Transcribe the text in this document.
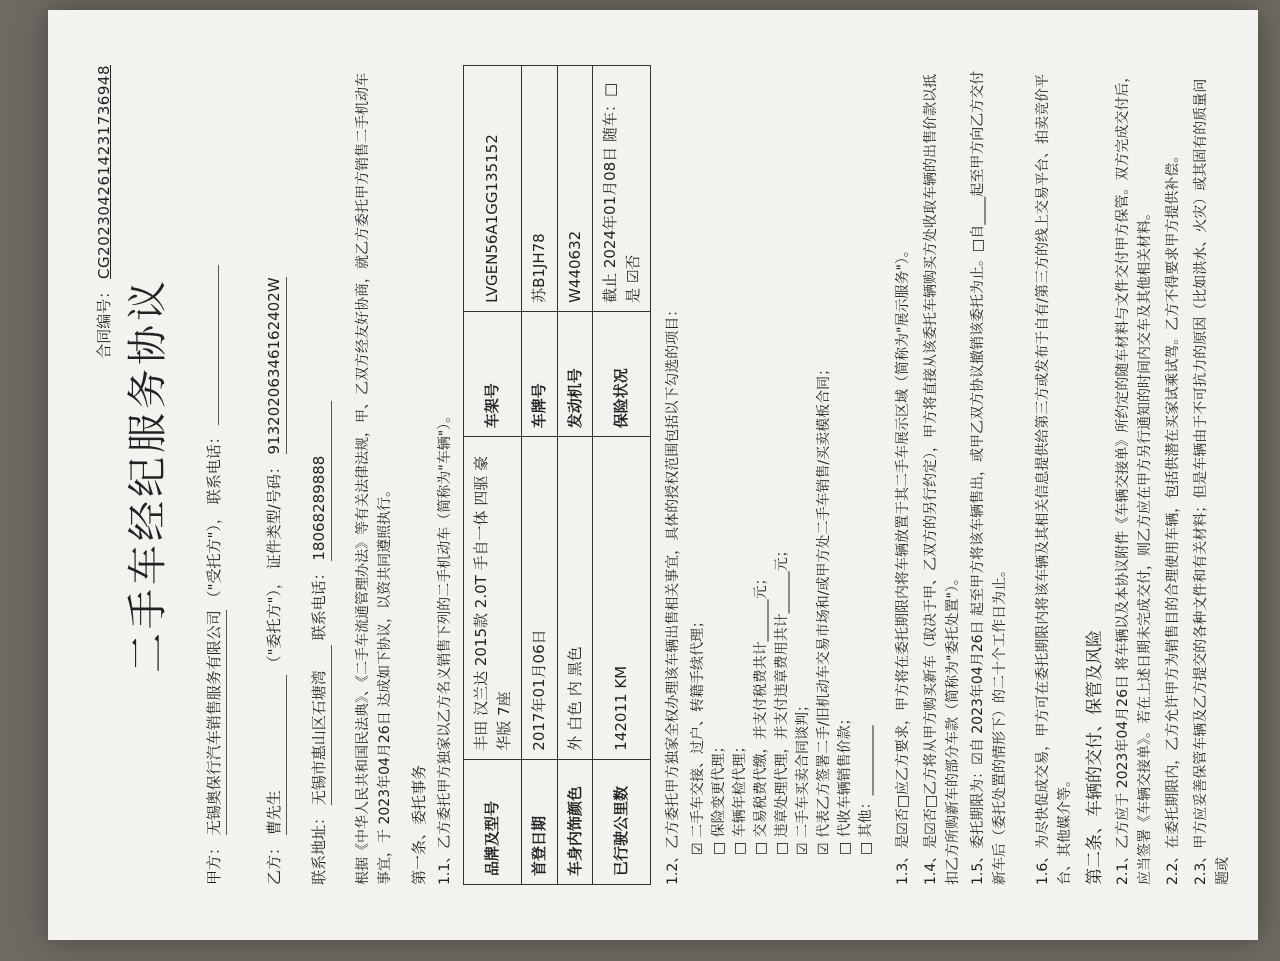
合同编号： CG20230426142317369​48
二手车经纪服务协议
甲方： 无锡奥保行汽车销售服务有限公司 （"受托方"）， 联系电话：
乙方： 曹先生 （"委托方"）， 证件类型/号码： 91320206346162402W
联系地址： 无锡市惠山区石塘湾 联系电话： 18068289888 根据《中华人民共和国民法典》、《二手车流通管理办法》等有关法律法规，甲、乙双方经友好协商，就乙方委托甲方销售二手机动车事宜，于 2023年04月26日 达成如下协议，以资共同遵照执行。 第一条、委托事务 1.1、乙方委托甲方独家以乙方名义销售下列的二手机动车（简称为"车辆"）。 品牌及型号	丰田 汉兰达 2015款 2.0T 手自一体 四驱 豪华版 7座	车架号	LVGEN56A1GG135152
首登日期	2017年01月06日	车牌号	苏B1JH78
车身内饰颜色	外 白色 内 黑色	发动机号	W440632
已行驶公里数	142011 KM	保险状况	截止 2024年01月08日 随车：□是 ☑否
1.2、乙方委托甲方独家全权办理该车辆出售相关事宜，具体的授权范围包括以下勾选的项目： ☑ 二手车交接、过户、转籍手续代理； □ 保险变更代理； □ 车辆年检代理； □ 交易税费代缴，并支付税费共计______元； □ 违章处理代理，并支付违章费用共计______元； ☑ 二手车买卖合同谈判； ☑ 代表乙方签署二手/旧机动车交易市场和/或甲方处二手车销售/买卖模板合同； □ 代收车辆销售价款； □ 其他：__________ 1.3、是☑否□应乙方要求，甲方将在委托期限内将车辆放置于其二手车展示区域（简称为"展示服务"）。 1.4、是☑否□乙方将从甲方购买新车（取决于甲、乙双方的另行约定），甲方将直接从该委托车辆购买方处收取车辆的出售价款以抵扣乙方所购新车的部分车款（简称为"委托处置"）。 1.5、委托期限为：☑自 2023年04月26日 起至甲方将该车辆售出，或甲乙双方协议撤销该委托为止。□自____起至甲方向乙方交付新车后（委托处置的情形下）的二十个工作日为止。 1.6、为尽快促成交易，甲方可在委托期限内将该车辆及其相关信息提供给第三方或发布于自有/第三方的线上交易平台、拍卖竞价平台、其他媒介等。 第二条、车辆的交付、保管及风险 2.1、乙方应于 2023年04月26日 将车辆以及本协议附件《车辆交接单》所约定的随车材料与文件交付甲方保管。双方完成交付后，应当签署《车辆交接单》。若在上述日期未完成交付，则乙方应在甲方另行通知的时间内交车及其他相关材料。 2.2、在委托期限内，乙方允许甲方为销售目的合理使用车辆，包括供潜在买家试乘试驾。乙方不得要求甲方提供补偿。 2.3、甲方应妥善保管车辆及乙方提交的各种文件和有关材料；但是车辆由于不可抗力的原因（比如洪水、火灾）或其固有的质量问题或
